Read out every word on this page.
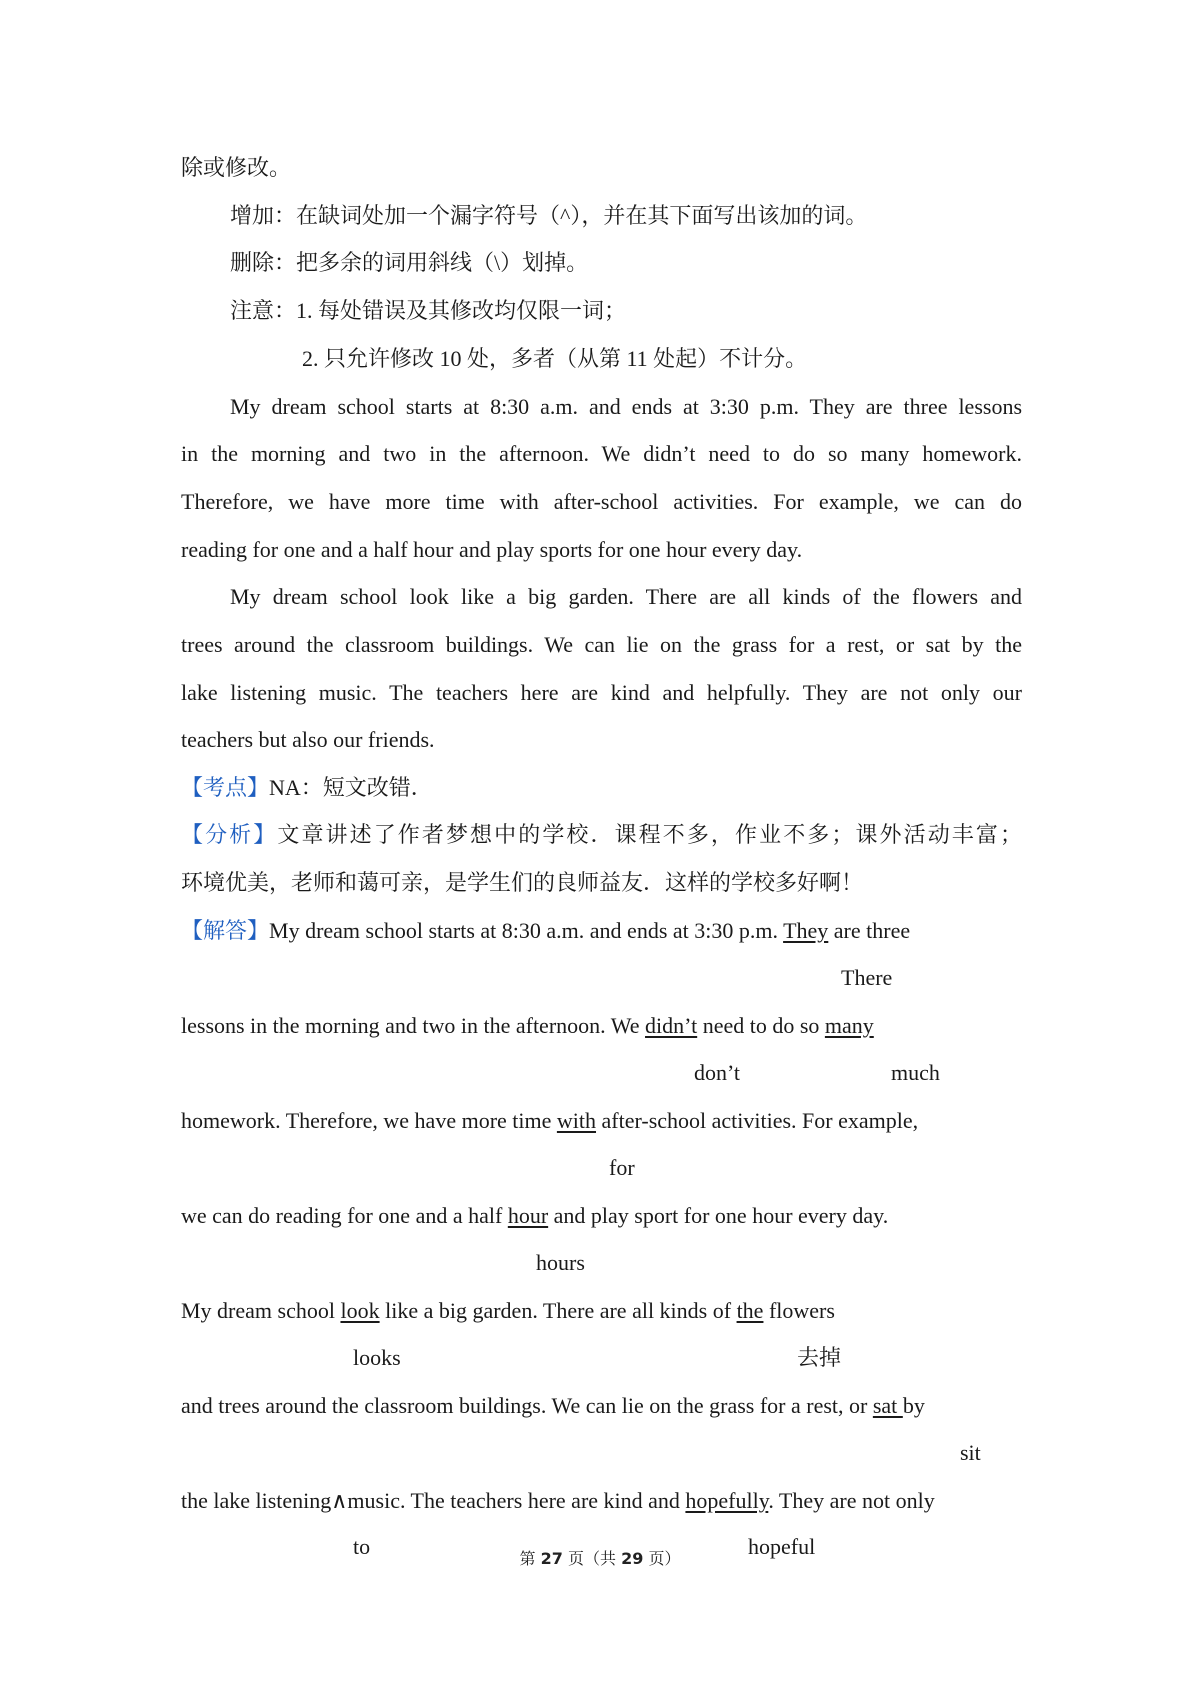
除或修改。
增加：在缺词处加一个漏字符号（^），并在其下面写出该加的词。
删除：把多余的词用斜线（\）划掉。
注意：1. 每处错误及其修改均仅限一词；
2. 只允许修改 10 处，多者（从第 11 处起）不计分。
My dream school starts at 8:30 a.m. and ends at 3:30 p.m. They are three lessons
in the morning and two in the afternoon. We didn’t need to do so many homework.
Therefore, we have more time with after-school activities. For example, we can do
reading for one and a half hour and play sports for one hour every day.
My dream school look like a big garden. There are all kinds of the flowers and
trees around the classroom buildings. We can lie on the grass for a rest, or sat by the
lake listening music. The teachers here are kind and helpfully. They are not only our
teachers but also our friends.
【考点】NA：短文改错．
【分析】文章讲述了作者梦想中的学校．课程不多，作业不多；课外活动丰富；
环境优美，老师和蔼可亲，是学生们的良师益友．这样的学校多好啊！
【解答】My dream school starts at 8:30 a.m. and ends at 3:30 p.m. They are three
There
lessons in the morning and two in the afternoon. We didn’t need to do so many
don’t	much
homework. Therefore, we have more time with after-school activities. For example,
for
we can do reading for one and a half hour and play sport for one hour every day.
hours
My dream school look like a big garden. There are all kinds of the flowers
looks	去掉
and trees around the classroom buildings. We can lie on the grass for a rest, or sat by
sit
the lake listening∧music. The teachers here are kind and hopefully. They are not only
to	hopeful
第 27 页（共 29 页）
